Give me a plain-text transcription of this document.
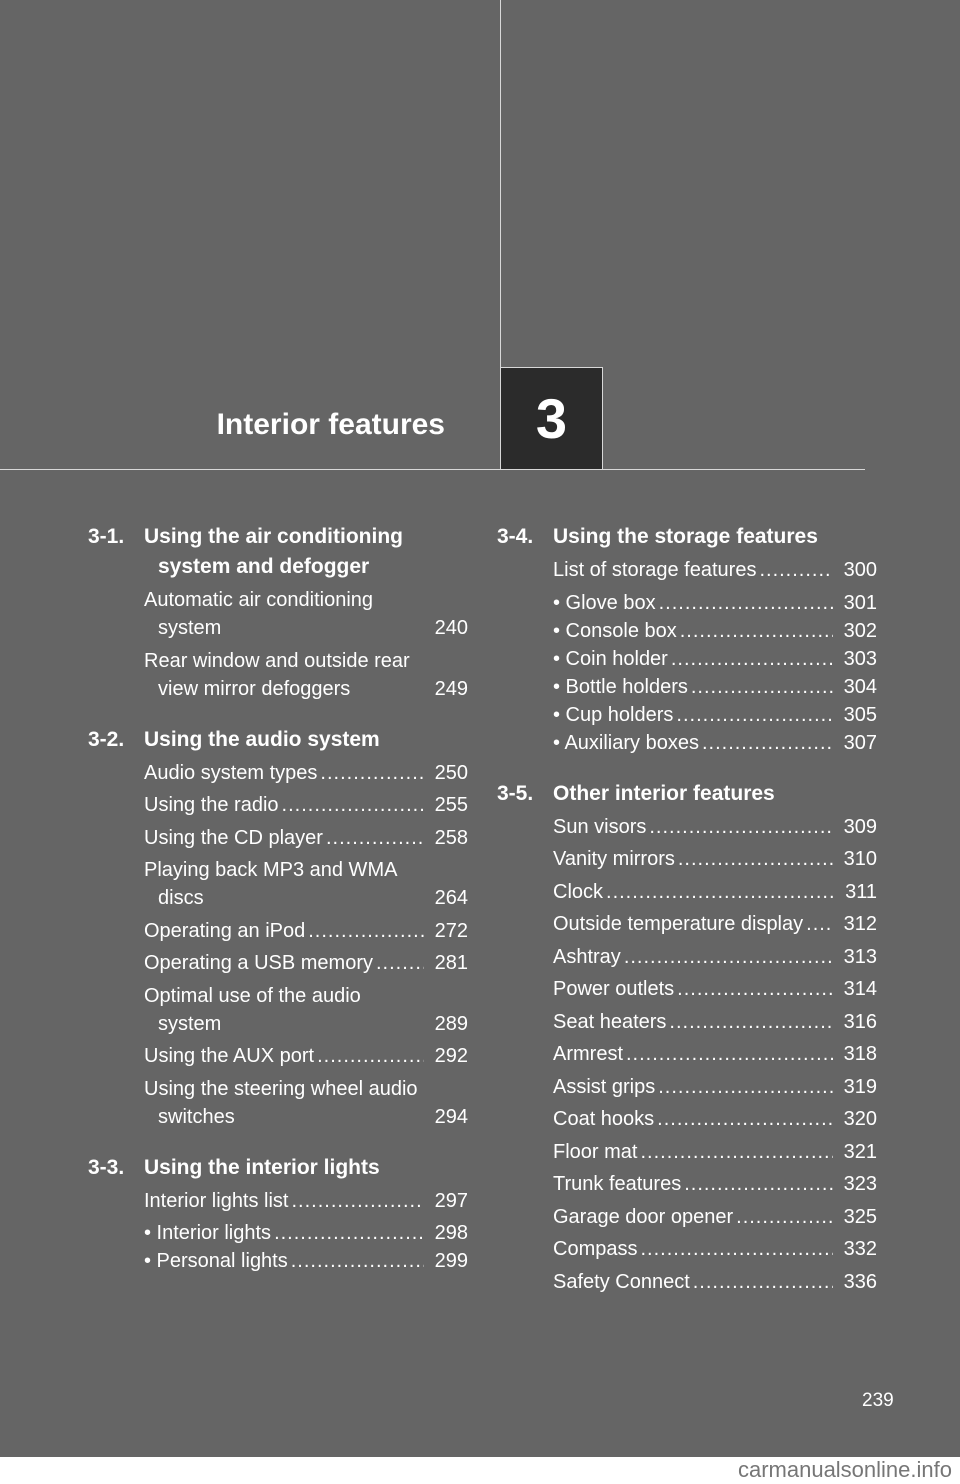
Interior features 3
3-1. Using the air conditioning system and defogger
Automatic air conditioning system	240
Rear window and outside rear view mirror defoggers	249
3-2. Using the audio system
Audio system types .....	250
Using the radio .....	255
Using the CD player .....	258
Playing back MP3 and WMA discs	264
Operating an iPod .....	272
Operating a USB memory .....	281
Optimal use of the audio system	289
Using the AUX port .....	292
Using the steering wheel audio switches	294
3-3. Using the interior lights
Interior lights list .....	297
• Interior lights .....	298
• Personal lights .....	299
3-4. Using the storage features
List of storage features .....	300
• Glove box .....	301
• Console box .....	302
• Coin holder .....	303
• Bottle holders .....	304
• Cup holders .....	305
• Auxiliary boxes .....	307
3-5. Other interior features
Sun visors .....	309
Vanity mirrors .....	310
Clock .....	311
Outside temperature display ..... 312
Ashtray .....	313
Power outlets .....	314
Seat heaters .....	316
Armrest .....	318
Assist grips .....	319
Coat hooks .....	320
Floor mat .....	321
Trunk features .....	323
Garage door opener .....	325
Compass .....	332
Safety Connect .....	336
239
carmanualsonline.info
